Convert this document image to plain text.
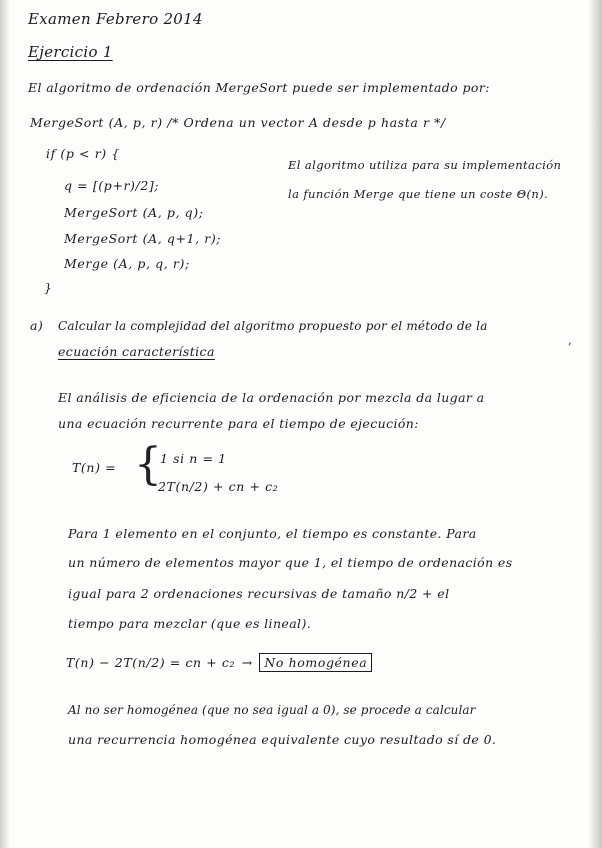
Examen Febrero 2014
Ejercicio 1
El algoritmo de ordenación MergeSort puede ser implementado por:
MergeSort (A, p, r) /* Ordena un vector A desde p hasta r */
if (p < r) {
q = [(p+r)/2];
MergeSort (A, p, q);
MergeSort (A, q+1, r);
Merge (A, p, q, r);
}
El algoritmo utiliza para su implementación
la función Merge que tiene un coste Θ(n).
a) Calcular la complejidad del algoritmo propuesto por el método de la
ecuación característica
,
El análisis de eficiencia de la ordenación por mezcla da lugar a
una ecuación recurrente para el tiempo de ejecución:
T(n) = {
1 si n = 1
2T(n/2) + cn + c₂
Para 1 elemento en el conjunto, el tiempo es constante. Para
un número de elementos mayor que 1, el tiempo de ordenación es
igual para 2 ordenaciones recursivas de tamaño n/2 + el
tiempo para mezclar (que es lineal).
T(n) − 2T(n/2) = cn + c₂ → No homogénea
Al no ser homogénea (que no sea igual a 0), se procede a calcular
una recurrencia homogénea equivalente cuyo resultado sí de 0.
